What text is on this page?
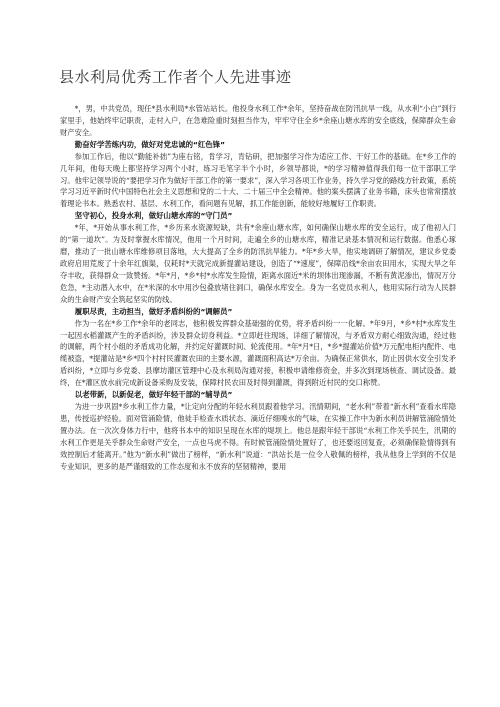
县水利局优秀工作者个人先进事迹

*，男，中共党员，现任*县水利局*水管站站长。他投身水利工作*余年，坚持奋战在防汛抗旱一线，从水利“小白”到行家里手，他始终牢记职责，走村入户，在急难险重时刻担当作为，牢牢守住全乡*余座山塘水库的安全底线，保障群众生命财产安全。

勤奋好学苦练内功，做好对党忠诚的“红色锋”

参加工作后，他以“勤能补拙”为座右铭，肯学习，肯钻研，把加强学习作为适应工作、干好工作的基础。在*乡工作的几年间，他每天晚上都坚持学习两个小时，练习毛笔字半个小时，乡领导都说，*的学习精神值得我们每一位干部职工学习。他牢记领导说的“要把学习作为做好干部工作的第一要求”，深入学习各项工作业务，持久学习党的路线方针政策，系统学习习近平新时代中国特色社会主义思想和党的二十大、二十届三中全会精神。他的案头摆满了业务书籍，床头也常常摆放着理论书本。熟悉农村、基层、水利工作，看问题有见解，抓工作能创新，能较好地履好工作职责。

坚守初心，投身水利，做好山塘水库的“守门员”

*年，*开始从事水利工作，*乡历来水资源短缺，共有*余座山塘水库，如何确保山塘水库的安全运行，成了他初入门的“第一道坎”。为及时掌握水库情况，他用一个月时间，走遍全乡的山塘水库，精准记录基本情况和运行数据。他悉心琢磨，推动了一批山塘水库维修项目落地，大大提高了全乡的防汛抗旱能力。*年*乡大旱，他实地调研了解情况，建议乡党委政府启用荒废了十余年红旗渠，仅耗时*天就完成新提灌站建设，创造了“*速度”，保障沿线*余亩农田用水，实现大旱之年夺丰收，获得群众一致赞扬。*年*月，*乡*村*水库发生险情，距离水面近*米的坝体出现渗漏，不断有黄泥渗出，情况万分危急，*主动潜入水中，在*米深的水中用沙包叠放堵住洞口，确保水库安全。身为一名党员水利人，他用实际行动为人民群众的生命财产安全筑起坚实的防线。

履职尽责，主动担当，做好矛盾纠纷的“调解员”

作为一名在*乡工作*余年的老同志，他积极发挥群众基础强的优势，将矛盾纠纷一一化解。*年9月，*乡*村*水库发生一起因水稻灌溉产生的矛盾纠纷，涉及群众切身利益。*立即赶往现场，详细了解情况，与矛盾双方耐心细致沟通，经过他的调解，两个村小组的矛盾成功化解，并约定好灌溉时间、轮流使用。*年*月*日，*乡*提灌站价值*万元配电柜内配件、电缆被盗，*提灌站是*乡*四个村村民灌溉农田的主要水源，灌溉面积高达*万余亩。为确保正常供水，防止因供水安全引发矛盾纠纷，*立即与乡党委、县摩坊灌区管理中心及水利局沟通对接，积极申请维修资金，并多次到现场核查、调试设备。最终，在*灌区放水前完成新设备采购及安装，保障村民农田及时得到灌溉，得到附近村民的交口称赞。

以老带新，以新促老，做好年轻干部的“辅导员”

为进一步巩固*乡水利工作力量，*让定向分配的年轻水利员跟着他学习。汛情期间，“老水利”带着“新水利”查看水库隐患，传授巡护经验。面对管涌险情，他徒手检查水质状态、滴近仔细嗅水的气味，在实操工作中为新水利员讲解管涌险情处置办法。在一次次身体力行中，他将书本中的知识呈现在水库的堤坝上。他总是跟年轻干部说“水利工作关乎民生，汛期的水利工作更是关乎群众生命财产安全，一点也马虎不得。有时候管涌险情处置好了，也还要返回复查，必须确保险情得到有效控制后才能离开。”他为“新水利”做出了榜样，“新水利”说道：“洪站长是一位令人敬佩的榜样，我从他身上学到的不仅是专业知识，更多的是严谨细致的工作态度和永不放弃的坚韧精神，要用
